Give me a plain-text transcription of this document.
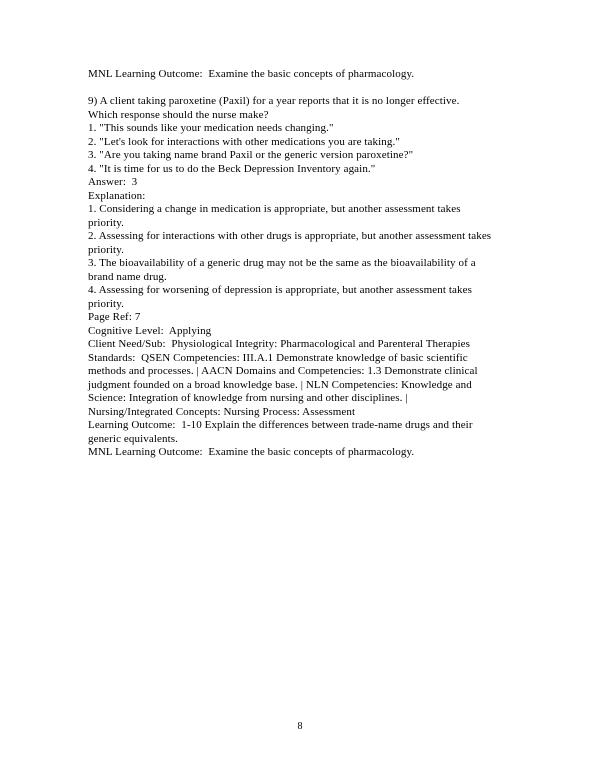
MNL Learning Outcome:  Examine the basic concepts of pharmacology.

9) A client taking paroxetine (Paxil) for a year reports that it is no longer effective.
Which response should the nurse make?
1. "This sounds like your medication needs changing."
2. "Let's look for interactions with other medications you are taking."
3. "Are you taking name brand Paxil or the generic version paroxetine?"
4. "It is time for us to do the Beck Depression Inventory again."
Answer:  3
Explanation:
1. Considering a change in medication is appropriate, but another assessment takes
priority.
2. Assessing for interactions with other drugs is appropriate, but another assessment takes
priority.
3. The bioavailability of a generic drug may not be the same as the bioavailability of a
brand name drug.
4. Assessing for worsening of depression is appropriate, but another assessment takes
priority.
Page Ref: 7
Cognitive Level:  Applying
Client Need/Sub:  Physiological Integrity: Pharmacological and Parenteral Therapies
Standards:  QSEN Competencies: III.A.1 Demonstrate knowledge of basic scientific
methods and processes. | AACN Domains and Competencies: 1.3 Demonstrate clinical
judgment founded on a broad knowledge base. | NLN Competencies: Knowledge and
Science: Integration of knowledge from nursing and other disciplines. |
Nursing/Integrated Concepts: Nursing Process: Assessment
Learning Outcome:  1-10 Explain the differences between trade-name drugs and their
generic equivalents.
MNL Learning Outcome:  Examine the basic concepts of pharmacology.
8
